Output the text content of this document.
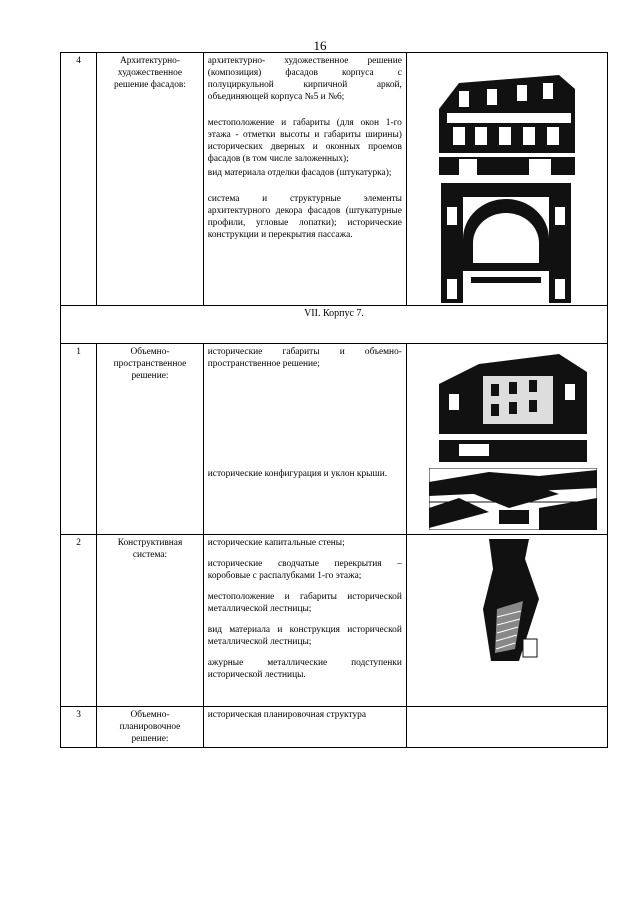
16
4	Архитектурно-художественное решение фасадов:	архитектурно- художественное решение (композиция) фасадов корпуса с полуциркульной кирпичной аркой, объединяющей корпуса №5 и №6;

местоположение и габариты (для окон 1-го этажа - отметки высоты и габариты ширины) исторических дверных и оконных проемов фасадов (в том числе заложенных);

вид материала отделки фасадов (штукатурка);

система и структурные элементы архитектурного декора фасадов (штукатурные профили, угловые лопатки); исторические конструкции и перекрытия пассажа.

VII. Корпус 7.			
1	Объемно-пространственное решение:	исторические габариты и объемно-пространственное решение;

исторические конфигурация и уклон крыши.

2	Конструктивная система:	исторические капитальные стены;

исторические сводчатые перекрытия – коробовые с распалубками 1-го этажа;

местоположение и габариты исторической металлической лестницы;

вид материала и конструкция исторической металлической лестницы;

ажурные металлические подступенки исторической лестницы.

3	Объемно-планировочное решение:	историческая планировочная структура	
